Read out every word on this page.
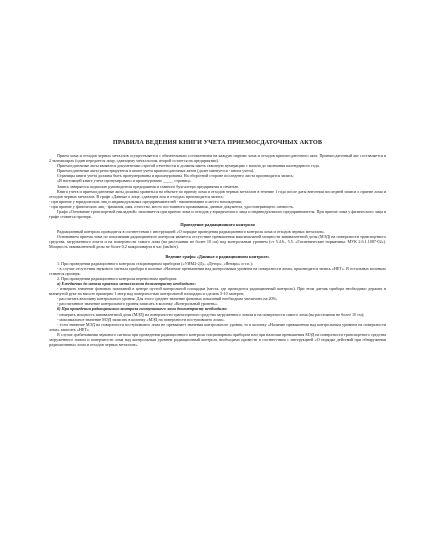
ПРАВИЛА ВЕДЕНИЯ КНИГИ УЧЕТА ПРИЕМОСДАТОЧНЫХ АКТОВ

Прием лома и отходов черных металлов осуществляется с обязательным составлением на каждую партию лома и отходов приемосдаточного акта. Приемосдаточный акт составляется в 2 экземплярах (один передается лицу, сдающему металлолом, второй остается на предприятии).

Приемосдаточные акты являются документами строгой отчетности и должны иметь сквозную нумерацию с начала до окончания календарного года.

Приемосдаточные акты регистрируются в книге учета приемосдаточных актов (далее именуется - книга учета).

Страницы книги учета должны быть пронумерованы и прошнурованы. На оборотной стороне последнего листа производится запись:

«В настоящей книге учета пронумеровано и прошнуровано _____ страниц».

Запись заверяется подписью руководителя предприятия и главного бухгалтера предприятия и печатью.

Книга учета и приемосдаточные акты должны храниться на объекте по приему лома и отходов черных металлов в течение 1 года после даты внесения последней записи о приеме лома и отходов черных металлов. В графе «Данные о лице, сдающем лом и отходы» производится запись:

- при приеме у юридических лиц и индивидуальных предпринимателей - наименование и место нахождения;

- при приеме у физических лиц - фамилия, имя, отчество, место постоянного проживания, данные документа, удостоверяющего личность.

Графа «Основание транспортной накладной» заполняется при приеме лома и отходов у юридического лица и индивидуального предпринимателя. При приеме лома у физического лица в графе ставится прочерк.

Проведение радиационного контроля

Радиационный контроль проводится в соответствии с инструкцией «О порядке проведения радиационного контроля лома и отходов черных металлов».

Основанием приема лома по показаниям радиационного контроля является отсутствие превышения максимальной мощности эквивалентной дозы (МЭД) на поверхности транспортного средства, загруженного лом-м и на поверхности самого лома (на расстоянии не более 10 см) над контрольным уровнем (ст 5.4.6., 5.5. «Гигиенические нормативы. МУК 2.6.1.1087-02»). Мощность эквивалентной дозы не более 0,2 микрозиверта в час (мкЗв/ч).

Ведение графы «Данные о радиационном контроле»

1. При проведении радиационного контроля стационарным прибором («УИМ2-2Д», «Детор», «Янтарь» и т.п.):

- в случае отсутствия звукового сигнала прибора в колонке «Наличие превышения над контрольным уровнем на поверхности лома» производится запись «НЕТ». В остальных колонках ставится прочерк.

2. При проведении радиационного контроля переносным прибором:

а) Ежедневно до начала приемки металлолома дозиметристу необходимо:

- измерить значение фоновых показаний в центре пустой контрольной площадки (места, где проводится радиационный контроль). При этом датчик прибора необходимо держать в вытянутой руке на высоте примерно 1 метр над поверхностью контрольной площадки и сделать 5-10 замеров;

- рассчитать величину контрольного уровня. Для этого среднее значение фоновых показаний необходимо увеличить на 20%;

- рассчитанное значение контрольного уровня записать в колонку «Контрольный уровень».

б) При проведении радиационного контроля поступившего лома дозиметристу необходимо:

- измерить мощность эквивалентной дозы (МЭД) на поверхности транспортного средства загруженного ломом и на поверхности самого лома (на расстоянии не более 10 см);

- максимальное значение МЭД записать в колонку «МЭД на поверхности поступившего лома».

- если значение МЭД на поверхности поступившего лома не превышает значения контрольного уровня, то в колонку «Наличие превышения над контрольным уровнем на поверхности лома» записать «НЕТ».

В случае срабатывания звукового сигнала при проведении радиационного контроля стационарным прибором или при наличии превышения МЭД на поверхности транспортного средства загруженного ломом и поверхности лома над контрольным уровнем радиационный контроль необходимо провести в соответствии с инструкцией «О порядке действий при обнаружении радиоактивных лома и отходов черных металлов».
